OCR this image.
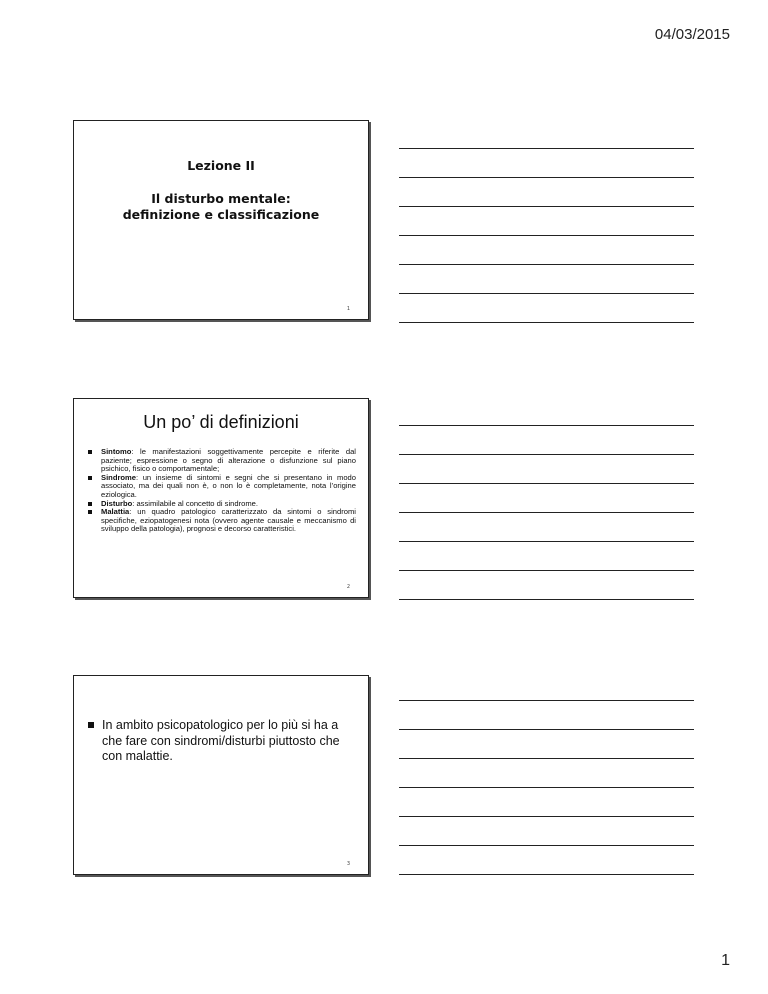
04/03/2015
Lezione II
Il disturbo mentale:
definizione e classificazione
1
Un po’ di definizioni
Sintomo: le manifestazioni soggettivamente percepite e riferite dal paziente; espressione o segno di alterazione o disfunzione sul piano psichico, fisico o comportamentale;
Sindrome: un insieme di sintomi e segni che si presentano in modo associato, ma dei quali non è, o non lo è completamente, nota l’origine eziologica.
Disturbo: assimilabile al concetto di sindrome.
Malattia: un quadro patologico caratterizzato da sintomi o sindromi specifiche, eziopatogenesi nota (ovvero agente causale e meccanismo di sviluppo della patologia), prognosi e decorso caratteristici.
2
In ambito psicopatologico per lo più si ha a che fare con sindromi/disturbi piuttosto che con malattie.
3
1
